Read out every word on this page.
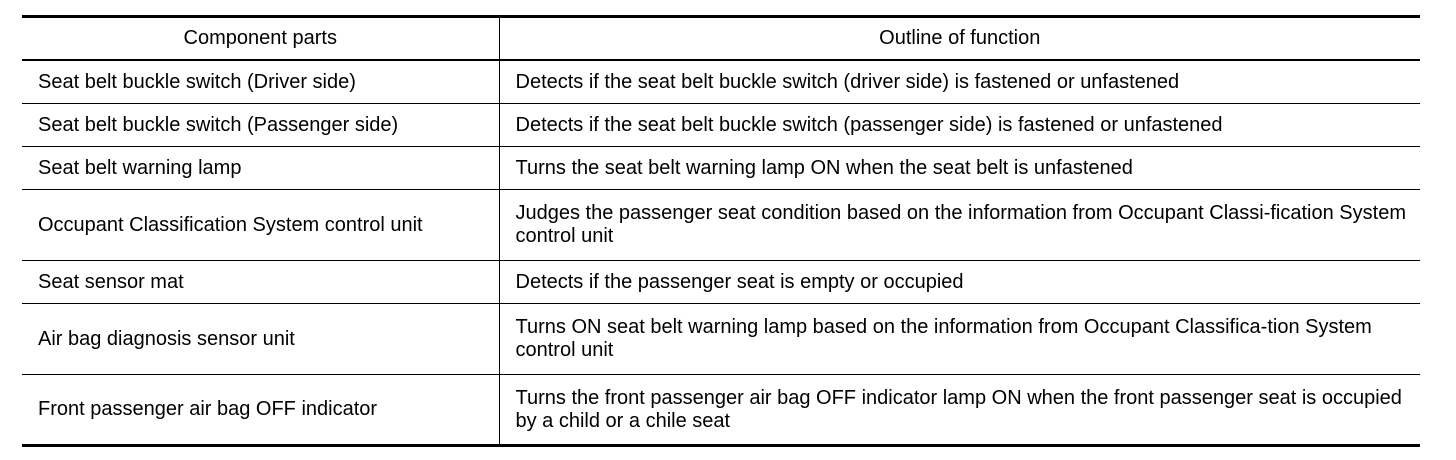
Component parts	Outline of function
Seat belt buckle switch (Driver side)	Detects if the seat belt buckle switch (driver side) is fastened or unfastened
Seat belt buckle switch (Passenger side)	Detects if the seat belt buckle switch (passenger side) is fastened or unfastened
Seat belt warning lamp	Turns the seat belt warning lamp ON when the seat belt is unfastened
Occupant Classification System control unit	Judges the passenger seat condition based on the information from Occupant Classi-fication System control unit
Seat sensor mat	Detects if the passenger seat is empty or occupied
Air bag diagnosis sensor unit	Turns ON seat belt warning lamp based on the information from Occupant Classifica-tion System control unit
Front passenger air bag OFF indicator	Turns the front passenger air bag OFF indicator lamp ON when the front passenger seat is occupied by a child or a chile seat
